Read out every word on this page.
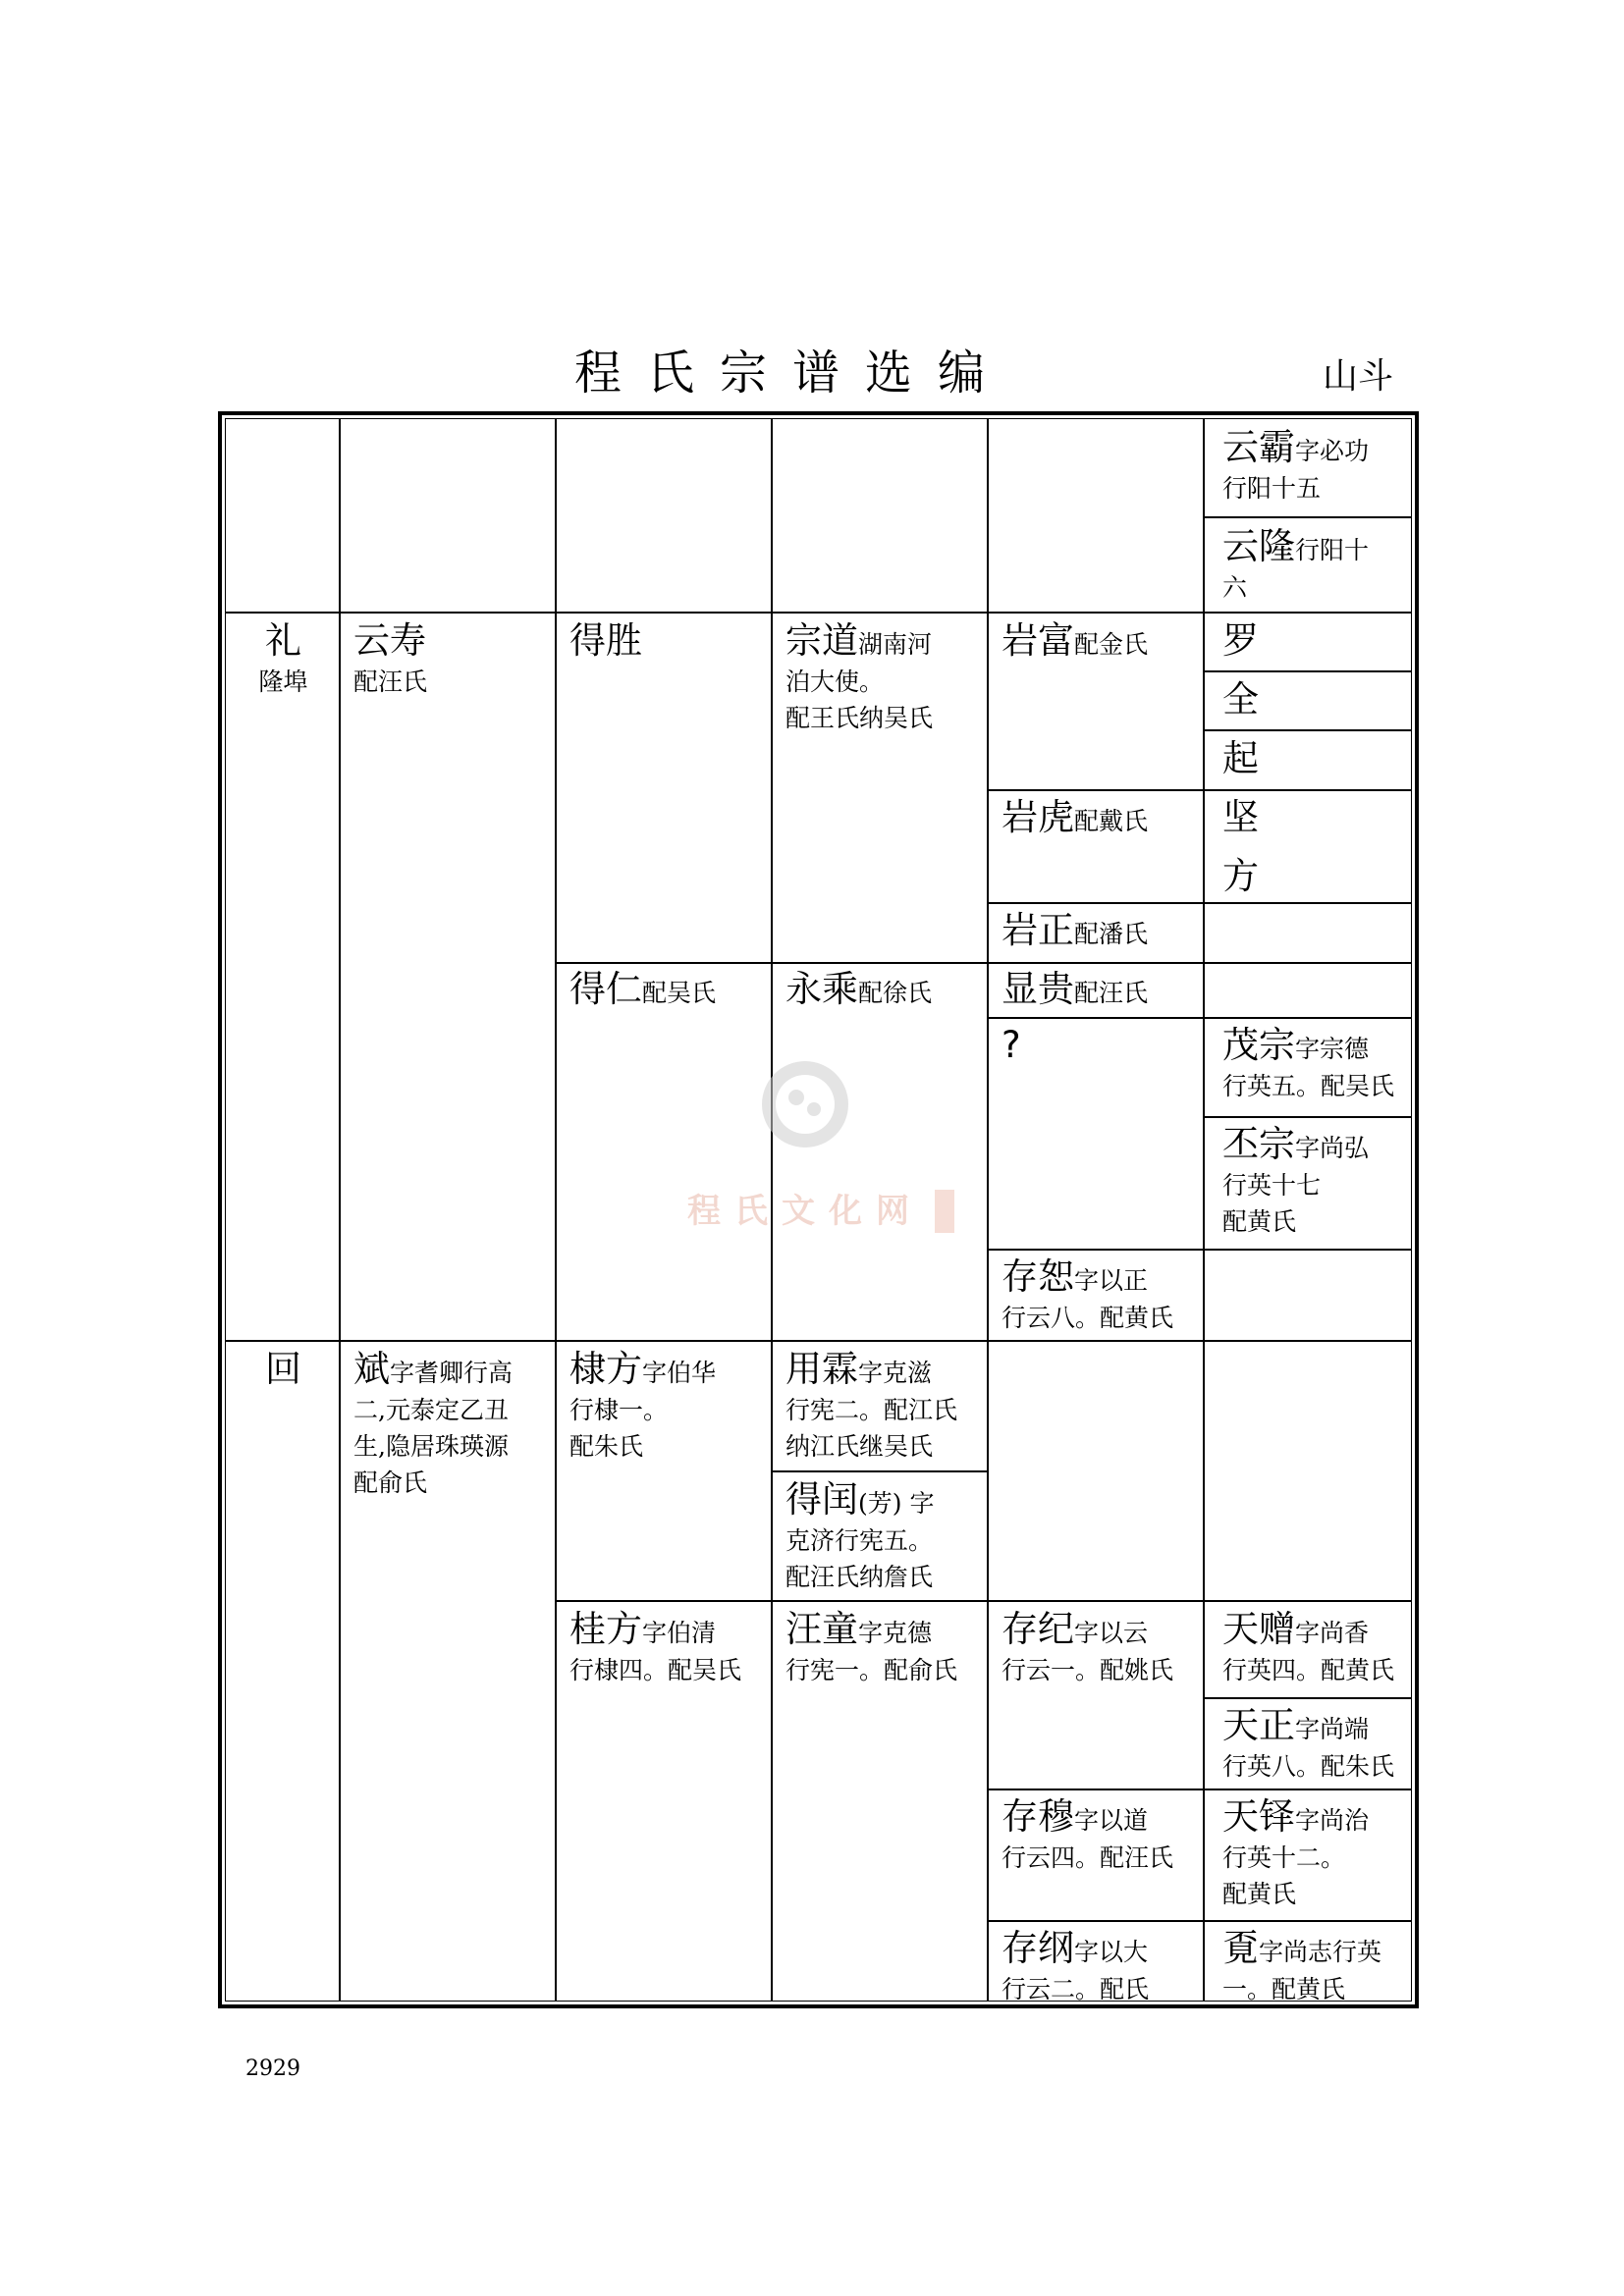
程氏宗谱选编	山斗
云霸字必功
行阳十五
云隆行阳十
六
礼
隆埠
云寿
配汪氏
得胜
得仁配吴氏
宗道湖南河
泊大使。
配王氏纳吴氏
永乘配徐氏
岩富配金氏
岩虎配戴氏
岩正配潘氏
显贵配汪氏
?
存恕字以正
行云八。配黄氏
罗
全
起
坚
方
茂宗字宗德
行英五。配吴氏
丕宗字尚弘
行英十七
配黄氏
回	斌字耆卿行高
二,元泰定乙丑
生,隐居珠瑛源
配俞氏
棣方字伯华
行棣一。
配朱氏
桂方字伯清
行棣四。配吴氏
用霖字克滋
行宪二。配江氏
纳江氏继吴氏
得闰(芳) 字
克济行宪五。
配汪氏纳詹氏
汪童字克德
行宪一。配俞氏
存纪字以云
行云一。配姚氏
存穆字以道
行云四。配汪氏
存纲字以大
行云二。配氏
天赠字尚香
行英四。配黄氏
天正字尚端
行英八。配朱氏
天铎字尚治
行英十二。
配黄氏
覔字尚志行英
一。配黄氏
程氏文化网
2929
